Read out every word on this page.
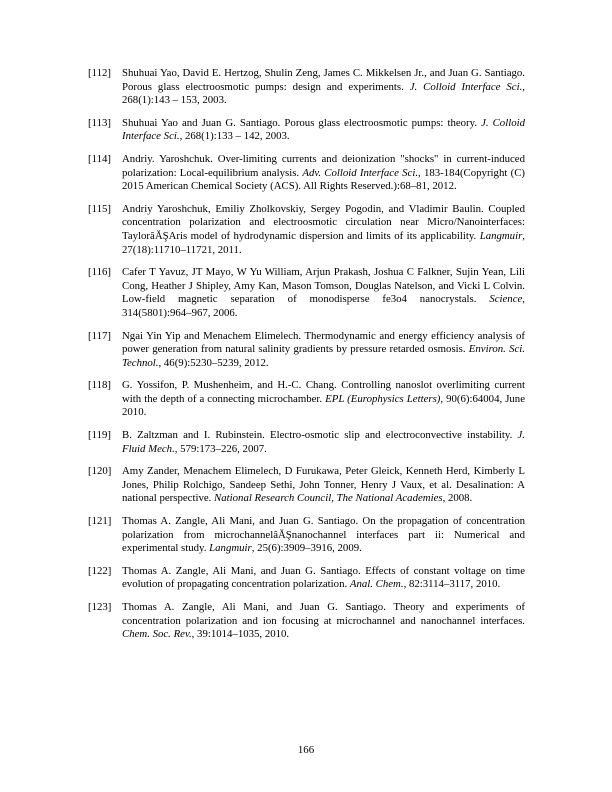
[112] Shuhuai Yao, David E. Hertzog, Shulin Zeng, James C. Mikkelsen Jr., and Juan G. Santiago. Porous glass electroosmotic pumps: design and experiments. J. Colloid Interface Sci., 268(1):143 – 153, 2003.
[113] Shuhuai Yao and Juan G. Santiago. Porous glass electroosmotic pumps: theory. J. Colloid Interface Sci., 268(1):133 – 142, 2003.
[114] Andriy. Yaroshchuk. Over-limiting currents and deionization "shocks" in current-induced polarization: Local-equilibrium analysis. Adv. Colloid Interface Sci., 183-184(Copyright (C) 2015 American Chemical Society (ACS). All Rights Reserved.):68–81, 2012.
[115] Andriy Yaroshchuk, Emiliy Zholkovskiy, Sergey Pogodin, and Vladimir Baulin. Coupled concentration polarization and electroosmotic circulation near Micro/Nanointerfaces: TaylorâĂŞAris model of hydrodynamic dispersion and limits of its applicability. Langmuir, 27(18):11710–11721, 2011.
[116] Cafer T Yavuz, JT Mayo, W Yu William, Arjun Prakash, Joshua C Falkner, Sujin Yean, Lili Cong, Heather J Shipley, Amy Kan, Mason Tomson, Douglas Natelson, and Vicki L Colvin. Low-field magnetic separation of monodisperse fe3o4 nanocrystals. Science, 314(5801):964–967, 2006.
[117] Ngai Yin Yip and Menachem Elimelech. Thermodynamic and energy efficiency analysis of power generation from natural salinity gradients by pressure retarded osmosis. Environ. Sci. Technol., 46(9):5230–5239, 2012.
[118] G. Yossifon, P. Mushenheim, and H.-C. Chang. Controlling nanoslot overlimiting current with the depth of a connecting microchamber. EPL (Europhysics Letters), 90(6):64004, June 2010.
[119] B. Zaltzman and I. Rubinstein. Electro-osmotic slip and electroconvective instability. J. Fluid Mech., 579:173–226, 2007.
[120] Amy Zander, Menachem Elimelech, D Furukawa, Peter Gleick, Kenneth Herd, Kimberly L Jones, Philip Rolchigo, Sandeep Sethi, John Tonner, Henry J Vaux, et al. Desalination: A national perspective. National Research Council, The National Academies, 2008.
[121] Thomas A. Zangle, Ali Mani, and Juan G. Santiago. On the propagation of concentration polarization from microchannelâĂŞnanochannel interfaces part ii: Numerical and experimental study. Langmuir, 25(6):3909–3916, 2009.
[122] Thomas A. Zangle, Ali Mani, and Juan G. Santiago. Effects of constant voltage on time evolution of propagating concentration polarization. Anal. Chem., 82:3114–3117, 2010.
[123] Thomas A. Zangle, Ali Mani, and Juan G. Santiago. Theory and experiments of concentration polarization and ion focusing at microchannel and nanochannel interfaces. Chem. Soc. Rev., 39:1014–1035, 2010.
166
